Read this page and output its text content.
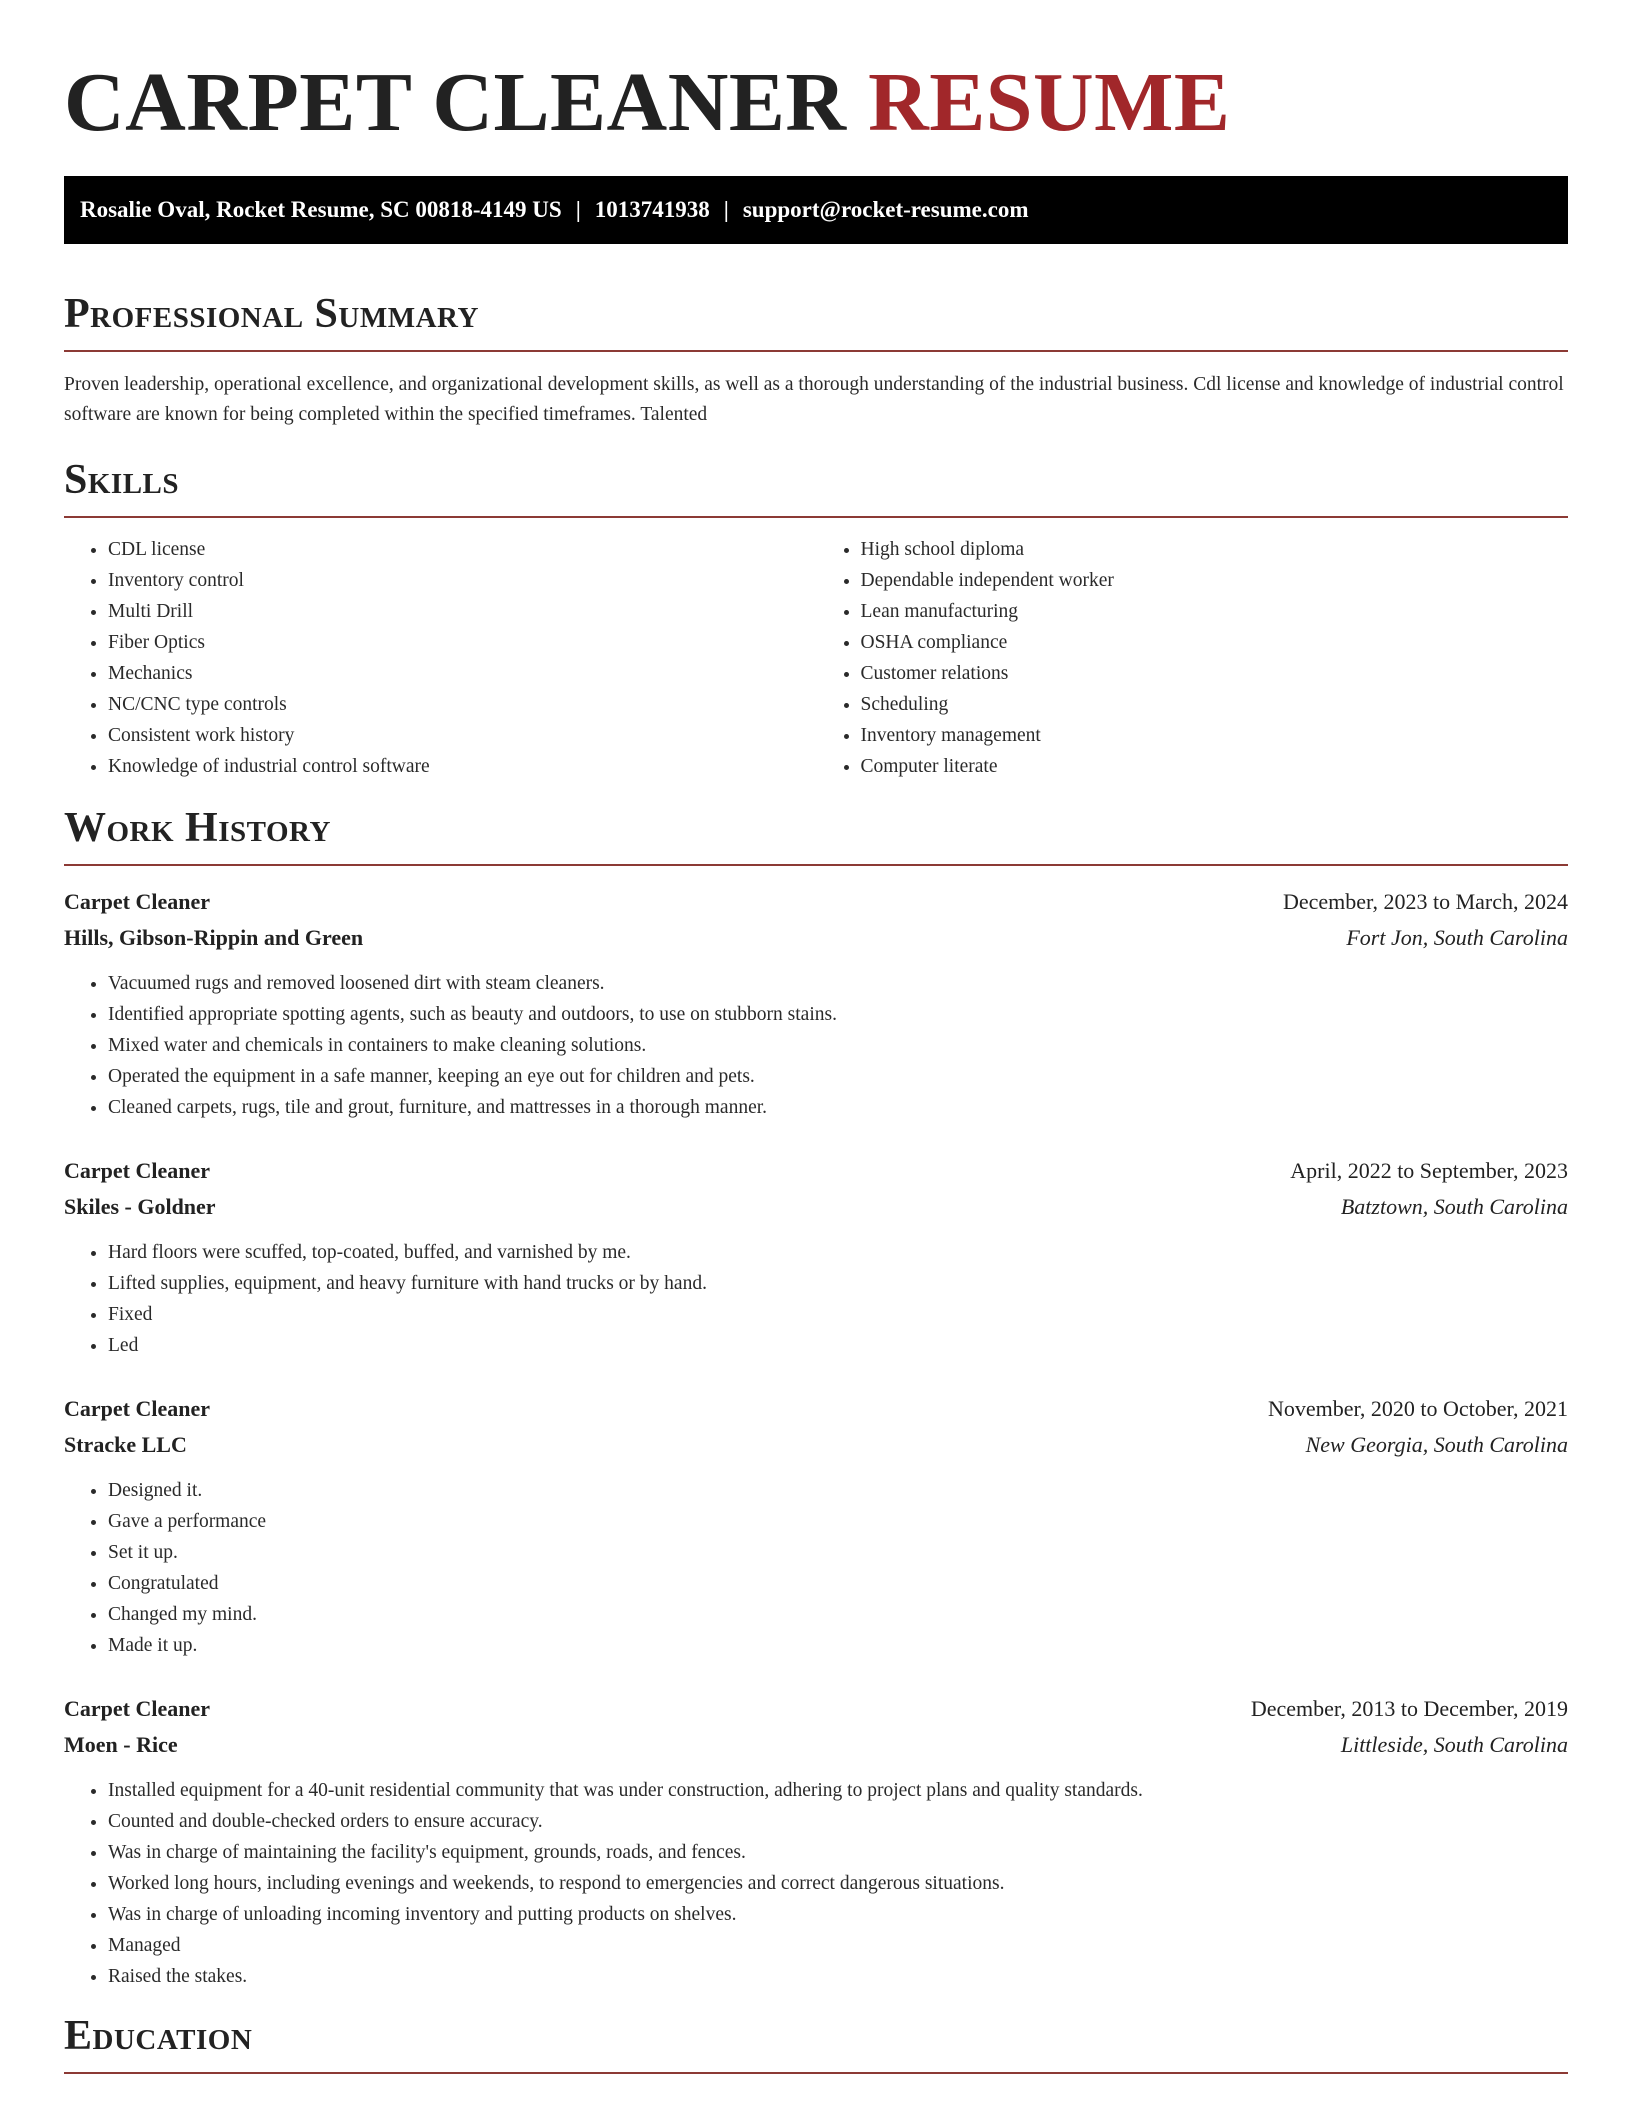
CARPET CLEANER RESUME
Rosalie Oval, Rocket Resume, SC 00818-4149 US | 1013741938 | support@rocket-resume.com
Professional Summary

Proven leadership, operational excellence, and organizational development skills, as well as a thorough understanding of the industrial business. Cdl license and knowledge of industrial control software are known for being completed within the specified timeframes. Talented

Skills
• CDL license
• Inventory control
• Multi Drill
• Fiber Optics
• Mechanics
• NC/CNC type controls
• Consistent work history
• Knowledge of industrial control software
• High school diploma
• Dependable independent worker
• Lean manufacturing
• OSHA compliance
• Customer relations
• Scheduling
• Inventory management
• Computer literate
Work History
Carpet Cleaner	December, 2023 to March, 2024
Hills, Gibson-Rippin and Green	Fort Jon, South Carolina
• Vacuumed rugs and removed loosened dirt with steam cleaners.
• Identified appropriate spotting agents, such as beauty and outdoors, to use on stubborn stains.
• Mixed water and chemicals in containers to make cleaning solutions.
• Operated the equipment in a safe manner, keeping an eye out for children and pets.
• Cleaned carpets, rugs, tile and grout, furniture, and mattresses in a thorough manner.
Carpet Cleaner	April, 2022 to September, 2023
Skiles - Goldner	Batztown, South Carolina
• Hard floors were scuffed, top-coated, buffed, and varnished by me.
• Lifted supplies, equipment, and heavy furniture with hand trucks or by hand.
• Fixed
• Led
Carpet Cleaner	November, 2020 to October, 2021
Stracke LLC	New Georgia, South Carolina
• Designed it.
• Gave a performance
• Set it up.
• Congratulated
• Changed my mind.
• Made it up.
Carpet Cleaner	December, 2013 to December, 2019
Moen - Rice	Littleside, South Carolina
• Installed equipment for a 40-unit residential community that was under construction, adhering to project plans and quality standards.
• Counted and double-checked orders to ensure accuracy.
• Was in charge of maintaining the facility's equipment, grounds, roads, and fences.
• Worked long hours, including evenings and weekends, to respond to emergencies and correct dangerous situations.
• Was in charge of unloading incoming inventory and putting products on shelves.
• Managed
• Raised the stakes.
Education
